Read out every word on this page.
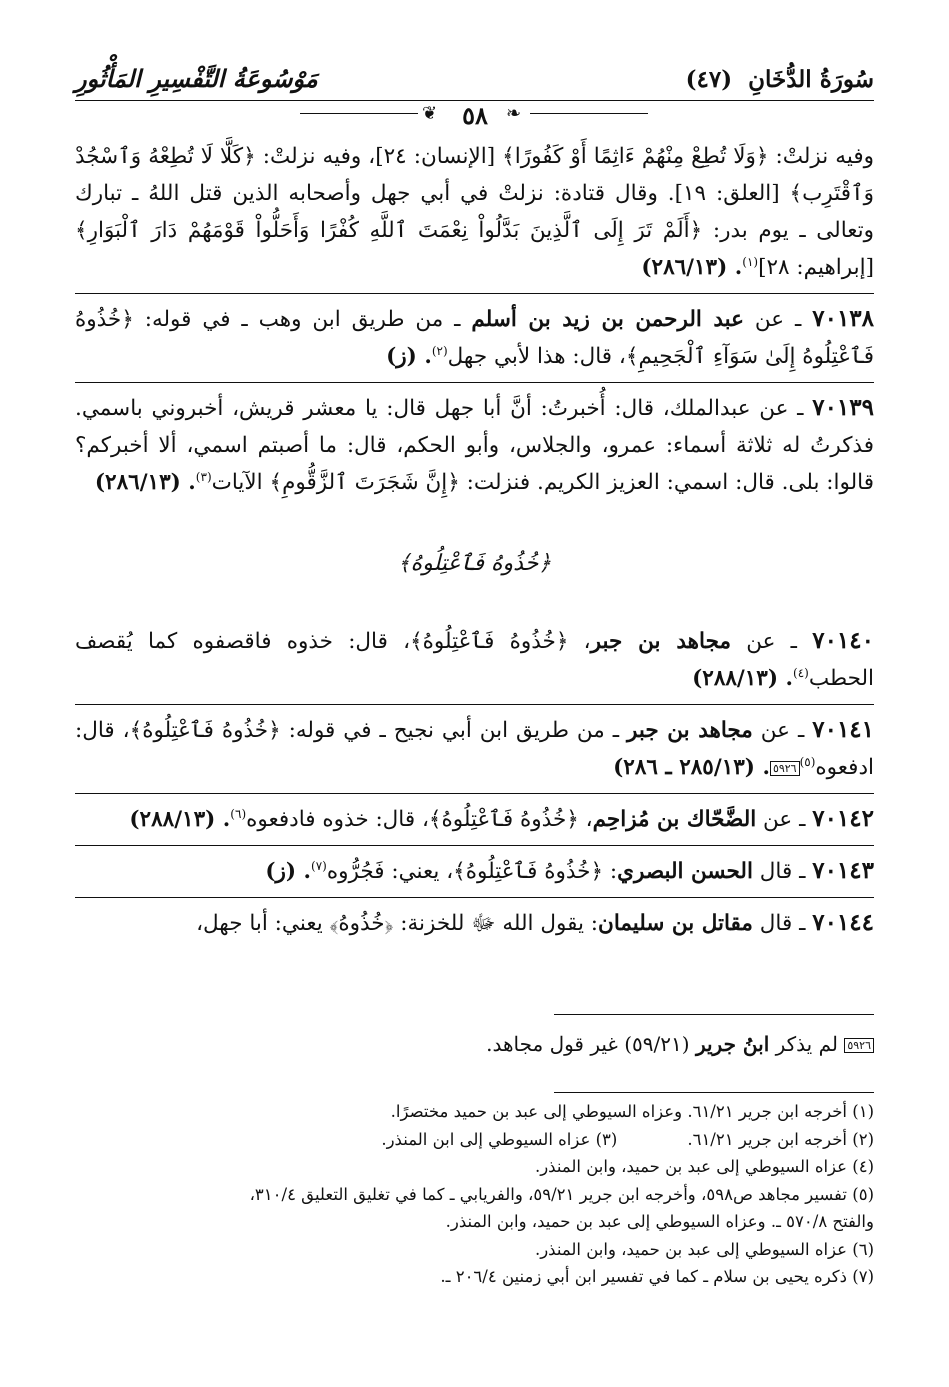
سُورَةُ الدُّخَانِ (٤٧)
مَوْسُوعَةُ التَّفْسِيرِ المَأْثُورِ
❦	٥٨	❧

وفيه نزلتْ: ﴿وَلَا تُطِعْ مِنْهُمْ ءَاثِمًا أَوْ كَفُورًا﴾ [الإنسان: ٢٤]، وفيه نزلتْ: ﴿كَلَّا لَا تُطِعْهُ وَٱسْجُدْ وَٱقْتَرِب﴾ [العلق: ١٩]. وقال قتادة: نزلتْ في أبي جهل وأصحابه الذين قتل اللهُ ـ تبارك وتعالى ـ يوم بدر: ﴿أَلَمْ تَرَ إِلَى ٱلَّذِينَ بَدَّلُواْ نِعْمَتَ ٱللَّهِ كُفْرًا وَأَحَلُّواْ قَوْمَهُمْ دَارَ ٱلْبَوَارِ﴾ [إبراهيم: ٢٨]$^{(١)}$. (٢٨٦/١٣)

٧٠١٣٨ ـ عن عبد الرحمن بن زيد بن أسلم ـ من طريق ابن وهب ـ في قوله: ﴿خُذُوهُ فَٱعْتِلُوهُ إِلَىٰ سَوَآءِ ٱلْجَحِيمِ﴾، قال: هذا لأبي جهل$^{(٢)}$. (ز)

٧٠١٣٩ ـ عن عبدالملك، قال: أُخبرتُ: أنَّ أبا جهل قال: يا معشر قريش، أخبروني باسمي. فذكرتُ له ثلاثة أسماء: عمرو، والجلاس، وأبو الحكم، قال: ما أصبتم اسمي، ألا أخبركم؟ قالوا: بلى. قال: اسمي: العزيز الكريم. فنزلت: ﴿إِنَّ شَجَرَتَ ٱلزَّقُّومِ﴾ الآيات$^{(٣)}$. (٢٨٦/١٣)

﴿خُذُوهُ فَٱعْتِلُوهُ﴾

٧٠١٤٠ ـ عن مجاهد بن جبر، ﴿خُذُوهُ فَٱعْتِلُوهُ﴾، قال: خذوه فاقصفوه كما يُقصف الحطب$^{(٤)}$. (٢٨٨/١٣)

٧٠١٤١ ـ عن مجاهد بن جبر ـ من طريق ابن أبي نجيح ـ في قوله: ﴿خُذُوهُ فَٱعْتِلُوهُ﴾، قال: ادفعوه$^{(٥)}$٥٩٢٦. (٢٨٥/١٣ ـ ٢٨٦)

٧٠١٤٢ ـ عن الضَّحّاك بن مُزاحِم، ﴿خُذُوهُ فَٱعْتِلُوهُ﴾، قال: خذوه فادفعوه$^{(٦)}$. (٢٨٨/١٣)

٧٠١٤٣ ـ قال الحسن البصري: ﴿خُذُوهُ فَٱعْتِلُوهُ﴾، يعني: فَجُرُّوه$^{(٧)}$. (ز)

٧٠١٤٤ ـ قال مقاتل بن سليمان: يقول الله ﷻ للخزنة: ﴿خُذُوهُ﴾ يعني: أبا جهل،

٥٩٢٦ لم يذكر ابنُ جرير (٥٩/٢١) غير قول مجاهد.
(١) أخرجه ابن جرير ٦١/٢١. وعزاه السيوطي إلى عبد بن حميد مختصرًا.
(٢) أخرجه ابن جرير ٦١/٢١.
(٣) عزاه السيوطي إلى ابن المنذر.
(٤) عزاه السيوطي إلى عبد بن حميد، وابن المنذر.
(٥) تفسير مجاهد ص٥٩٨، وأخرجه ابن جرير ٥٩/٢١، والفريابي ـ كما في تغليق التعليق ٣١٠/٤،
والفتح ٥٧٠/٨ ـ. وعزاه السيوطي إلى عبد بن حميد، وابن المنذر.
(٦) عزاه السيوطي إلى عبد بن حميد، وابن المنذر.
(٧) ذكره يحيى بن سلام ـ كما في تفسير ابن أبي زمنين ٢٠٦/٤ ـ.
